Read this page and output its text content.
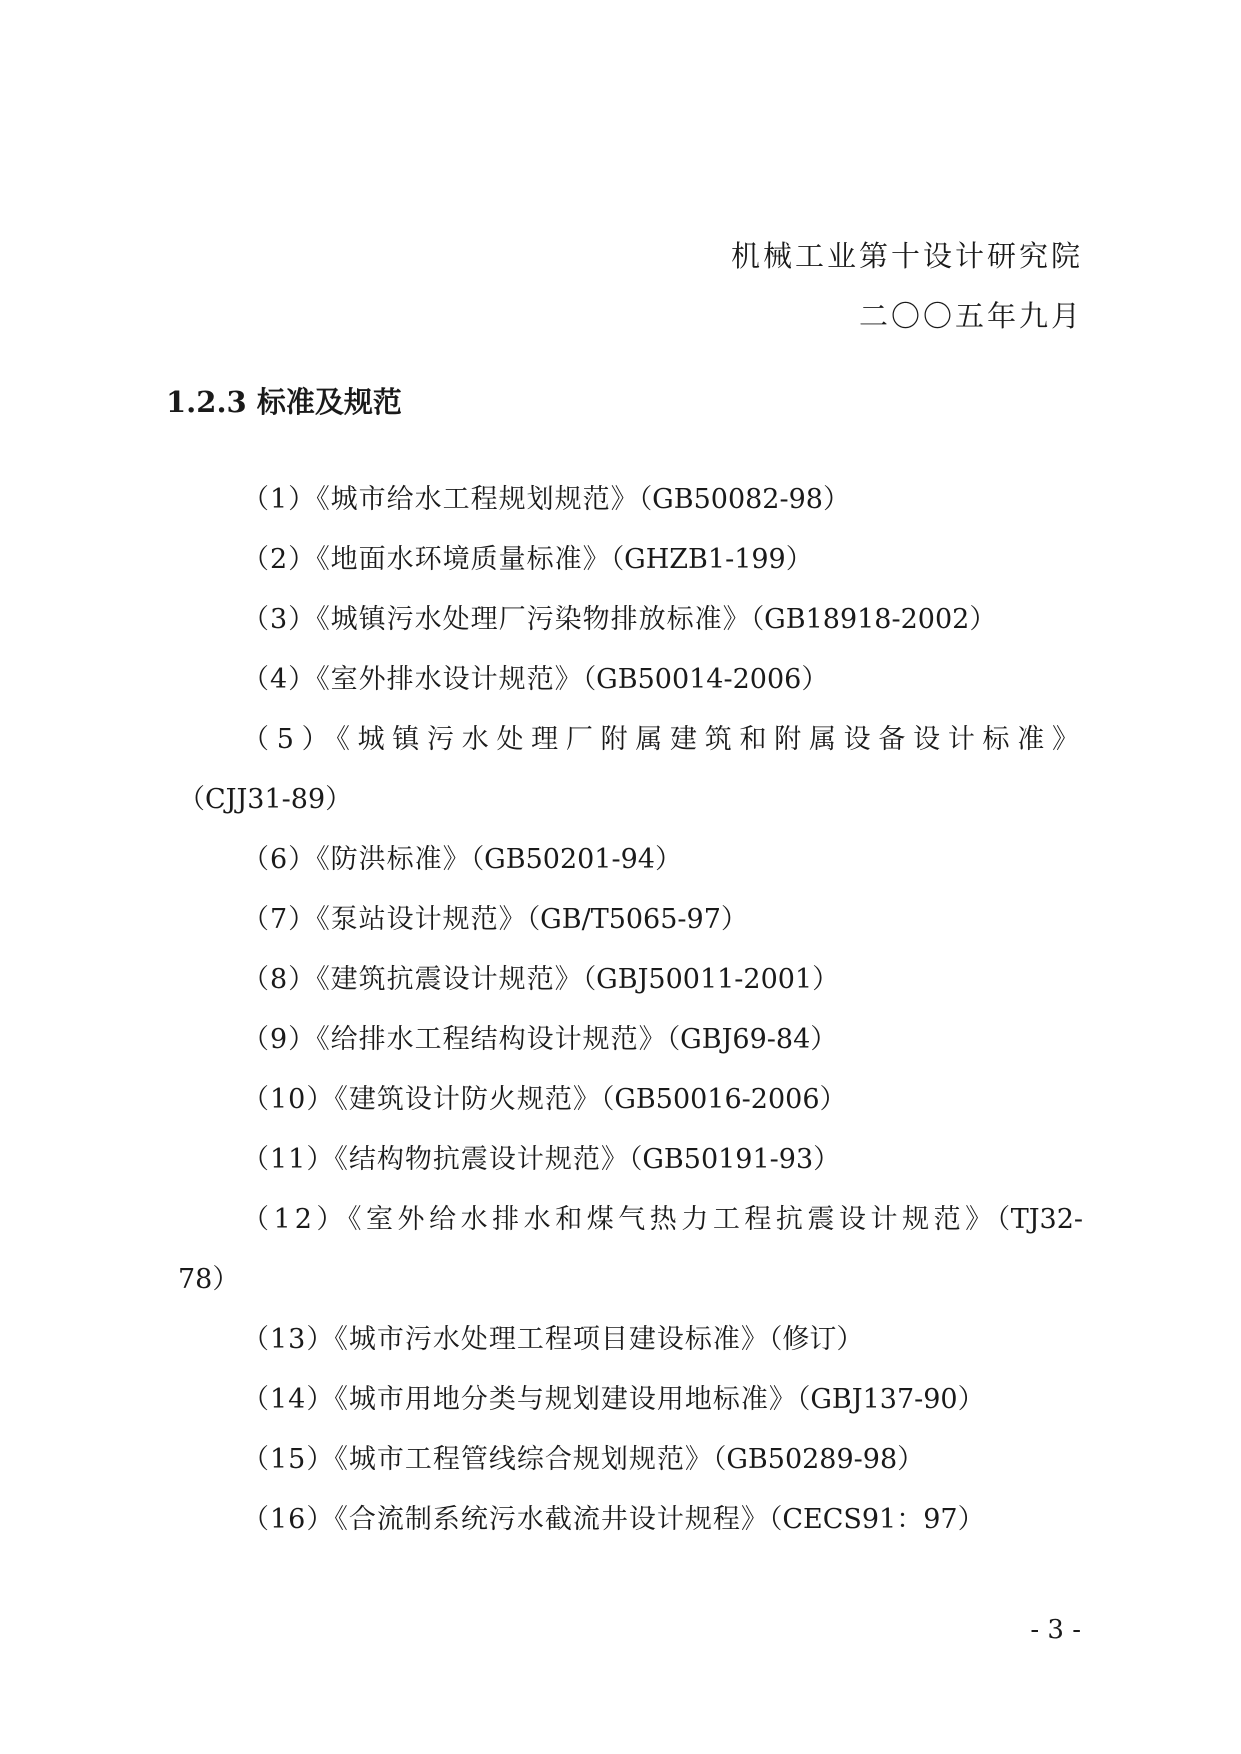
机械工业第十设计研究院
二〇〇五年九月
1.2.3 标准及规范
（1）《城市给水工程规划规范》（GB50082-98）
（2）《地面水环境质量标准》（GHZB1-199）
（3）《城镇污水处理厂污染物排放标准》（GB18918-2002）
（4）《室外排水设计规范》（GB50014-2006）
（5）《城镇污水处理厂附属建筑和附属设备设计标准》（CJJ31-89）
（6）《防洪标准》（GB50201-94）
（7）《泵站设计规范》（GB/T5065-97）
（8）《建筑抗震设计规范》（GBJ50011-2001）
（9）《给排水工程结构设计规范》（GBJ69-84）
（10）《建筑设计防火规范》（GB50016-2006）
（11）《结构物抗震设计规范》（GB50191-93）
（12）《室外给水排水和煤气热力工程抗震设计规范》（TJ32-78）
（13）《城市污水处理工程项目建设标准》（修订）
（14）《城市用地分类与规划建设用地标准》（GBJ137-90）
（15）《城市工程管线综合规划规范》（GB50289-98）
（16）《合流制系统污水截流井设计规程》（CECS91：97）
- 3 -
